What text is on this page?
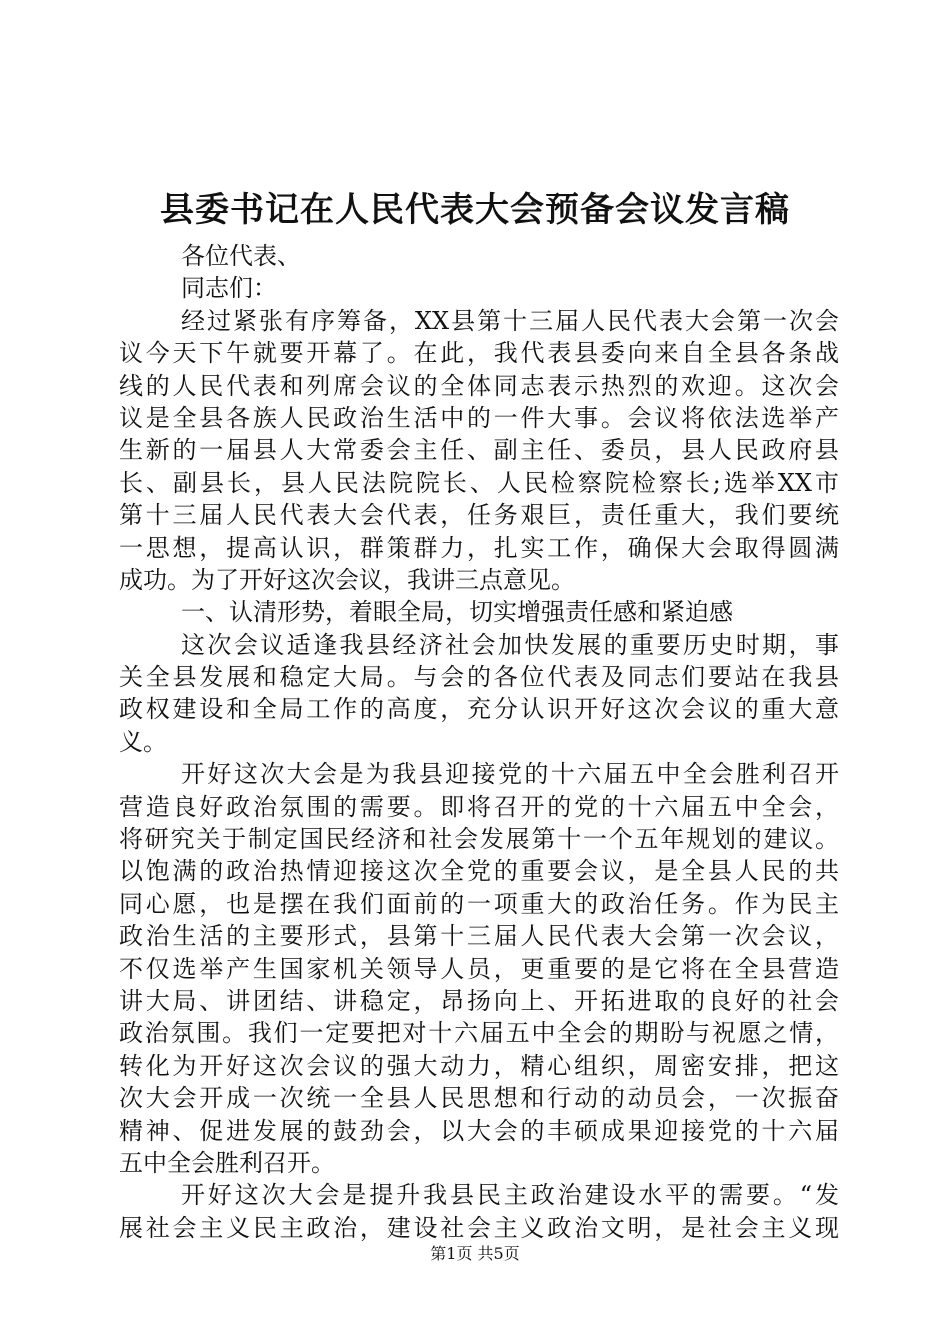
县委书记在人民代表大会预备会议发言稿
各位代表、
同志们：
经过紧张有序筹备，XX县第十三届人民代表大会第一次会
议今天下午就要开幕了。在此，我代表县委向来自全县各条战
线的人民代表和列席会议的全体同志表示热烈的欢迎。这次会
议是全县各族人民政治生活中的一件大事。会议将依法选举产
生新的一届县人大常委会主任、副主任、委员，县人民政府县
长、副县长，县人民法院院长、人民检察院检察长;选举XX市
第十三届人民代表大会代表，任务艰巨，责任重大，我们要统
一思想，提高认识，群策群力，扎实工作，确保大会取得圆满
成功。为了开好这次会议，我讲三点意见。
一、认清形势，着眼全局，切实增强责任感和紧迫感
这次会议适逢我县经济社会加快发展的重要历史时期，事
关全县发展和稳定大局。与会的各位代表及同志们要站在我县
政权建设和全局工作的高度，充分认识开好这次会议的重大意
义。
开好这次大会是为我县迎接党的十六届五中全会胜利召开
营造良好政治氛围的需要。即将召开的党的十六届五中全会，
将研究关于制定国民经济和社会发展第十一个五年规划的建议。
以饱满的政治热情迎接这次全党的重要会议，是全县人民的共
同心愿，也是摆在我们面前的一项重大的政治任务。作为民主
政治生活的主要形式，县第十三届人民代表大会第一次会议，
不仅选举产生国家机关领导人员，更重要的是它将在全县营造
讲大局、讲团结、讲稳定，昂扬向上、开拓进取的良好的社会
政治氛围。我们一定要把对十六届五中全会的期盼与祝愿之情，
转化为开好这次会议的强大动力，精心组织，周密安排，把这
次大会开成一次统一全县人民思想和行动的动员会，一次振奋
精神、促进发展的鼓劲会，以大会的丰硕成果迎接党的十六届
五中全会胜利召开。
开好这次大会是提升我县民主政治建设水平的需要。“发
展社会主义民主政治，建设社会主义政治文明，是社会主义现
第1页 共5页
